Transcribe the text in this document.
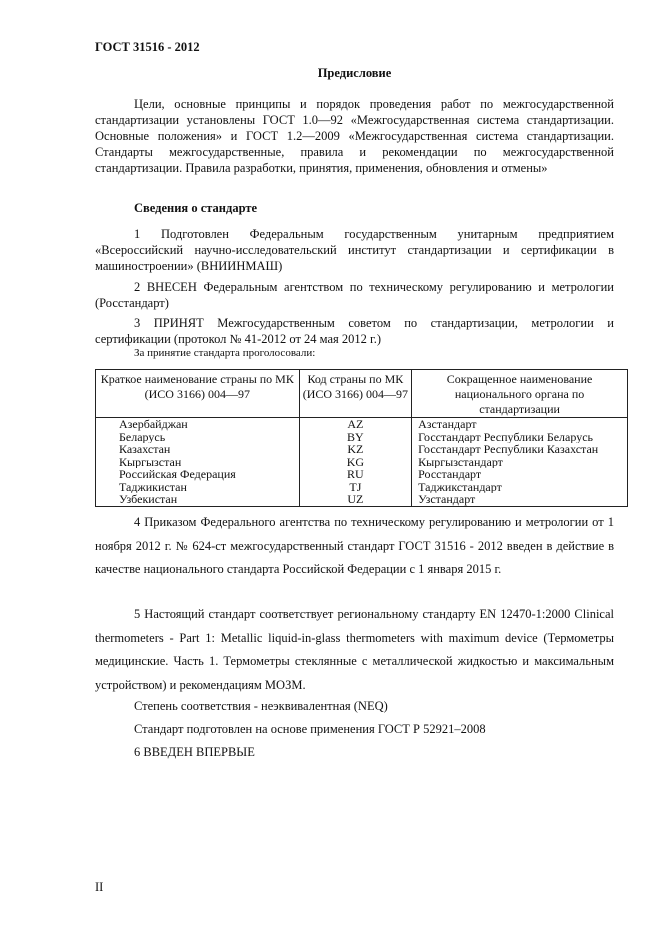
ГОСТ 31516 - 2012
Предисловие
Цели, основные принципы и порядок проведения работ по межгосударственной стандартизации установлены ГОСТ 1.0—92 «Межгосударственная система стандартизации. Основные положения» и ГОСТ 1.2—2009 «Межгосударственная система стандартизации. Стандарты межгосударственные, правила и рекомендации по межгосударственной стандартизации. Правила разработки, принятия, применения, обновления и отмены»
Сведения о стандарте
1 Подготовлен Федеральным государственным унитарным предприятием «Всероссийский научно-исследовательский институт стандартизации и сертификации в машиностроении» (ВНИИНМАШ)
2 ВНЕСЕН Федеральным агентством по техническому регулированию и метрологии (Росстандарт)
3 ПРИНЯТ Межгосударственным советом по стандартизации, метрологии и сертификации (протокол № 41-2012 от 24 мая 2012 г.)
За принятие стандарта проголосовали:
Краткое наименование страны по МК (ИСО 3166) 004—97	Код страны по МК (ИСО 3166) 004—97	Сокращенное наименование национального органа по стандартизации
Азербайджан	AZ	Азстандарт
Беларусь	BY	Госстандарт Республики Беларусь
Казахстан	KZ	Госстандарт Республики Казахстан
Кыргызстан	KG	Кыргызстандарт
Российская Федерация	RU	Росстандарт
Таджикистан	TJ	Таджикстандарт
Узбекистан	UZ	Узстандарт
4 Приказом Федерального агентства по техническому регулированию и метрологии от 1 ноября 2012 г. № 624-ст межгосударственный стандарт ГОСТ 31516 - 2012 введен в действие в качестве национального стандарта Российской Федерации с 1 января 2015 г.
5 Настоящий стандарт соответствует региональному стандарту EN 12470-1:2000 Clinical thermometers - Part 1: Metallic liquid-in-glass thermometers with maximum device (Термометры медицинские. Часть 1. Термометры стеклянные с металлической жидкостью и максимальным устройством) и рекомендациям МОЗМ.
Степень соответствия - неэквивалентная (NEQ)
Стандарт подготовлен на основе применения ГОСТ Р 52921–2008
6 ВВЕДЕН ВПЕРВЫЕ
II
